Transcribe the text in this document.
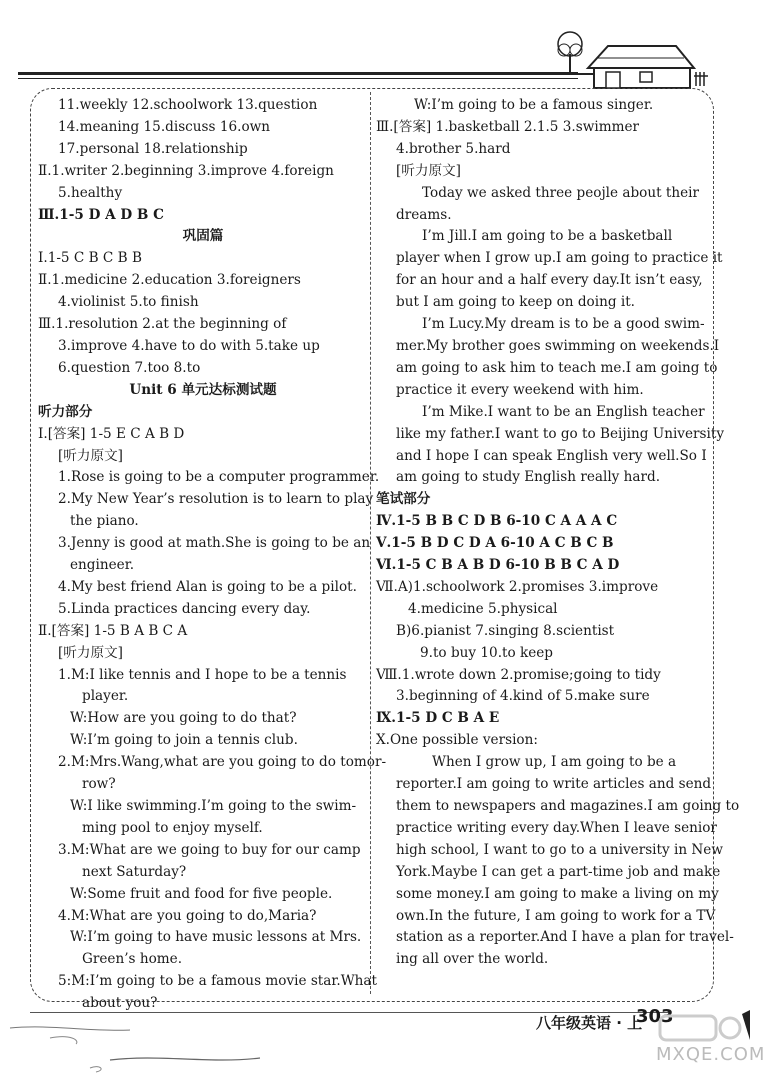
11.weekly 12.schoolwork 13.question
14.meaning 15.discuss 16.own
17.personal 18.relationship
Ⅱ.1.writer 2.beginning 3.improve 4.foreign
5.healthy
Ⅲ.1-5 D A D B C
巩固篇
Ⅰ.1-5 C B C B B
Ⅱ.1.medicine 2.education 3.foreigners
4.violinist 5.to finish
Ⅲ.1.resolution 2.at the beginning of
3.improve 4.have to do with 5.take up
6.question 7.too 8.to
Unit 6 单元达标测试题
听力部分
Ⅰ.[答案] 1-5 E C A B D
[听力原文]
1.Rose is going to be a computer programmer.
2.My New Year’s resolution is to learn to play
the piano.
3.Jenny is good at math.She is going to be an
engineer.
4.My best friend Alan is going to be a pilot.
5.Linda practices dancing every day.
Ⅱ.[答案] 1-5 B A B C A
[听力原文]
1.M:I like tennis and I hope to be a tennis
player.
W:How are you going to do that?
W:I’m going to join a tennis club.
2.M:Mrs.Wang,what are you going to do tomor-
row?
W:I like swimming.I’m going to the swim-
ming pool to enjoy myself.
3.M:What are we going to buy for our camp
next Saturday?
W:Some fruit and food for five people.
4.M:What are you going to do,Maria?
W:I’m going to have music lessons at Mrs.
Green’s home.
5:M:I’m going to be a famous movie star.What
about you?
W:I’m going to be a famous singer.
Ⅲ.[答案] 1.basketball 2.1.5 3.swimmer
4.brother 5.hard
[听力原文]
Today we asked three peojle about their
dreams.
I’m Jill.I am going to be a basketball
player when I grow up.I am going to practice it
for an hour and a half every day.It isn’t easy,
but I am going to keep on doing it.
I’m Lucy.My dream is to be a good swim-
mer.My brother goes swimming on weekends.I
am going to ask him to teach me.I am going to
practice it every weekend with him.
I’m Mike.I want to be an English teacher
like my father.I want to go to Beijing University
and I hope I can speak English very well.So I
am going to study English really hard.
笔试部分
Ⅳ.1-5 B B C D B 6-10 C A A A C
Ⅴ.1-5 B D C D A 6-10 A C B C B
Ⅵ.1-5 C B A B D 6-10 B B C A D
Ⅶ.A)1.schoolwork 2.promises 3.improve
4.medicine 5.physical
B)6.pianist 7.singing 8.scientist
9.to buy 10.to keep
Ⅷ.1.wrote down 2.promise;going to tidy
3.beginning of 4.kind of 5.make sure
Ⅸ.1-5 D C B A E
Ⅹ.One possible version:
When I grow up, I am going to be a
reporter.I am going to write articles and send
them to newspapers and magazines.I am going to
practice writing every day.When I leave senior
high school, I want to go to a university in New
York.Maybe I can get a part-time job and make
some money.I am going to make a living on my
own.In the future, I am going to work for a TV
station as a reporter.And I have a plan for travel-
ing all over the world.
八年级英语 · 上
303
MXQE.COM
